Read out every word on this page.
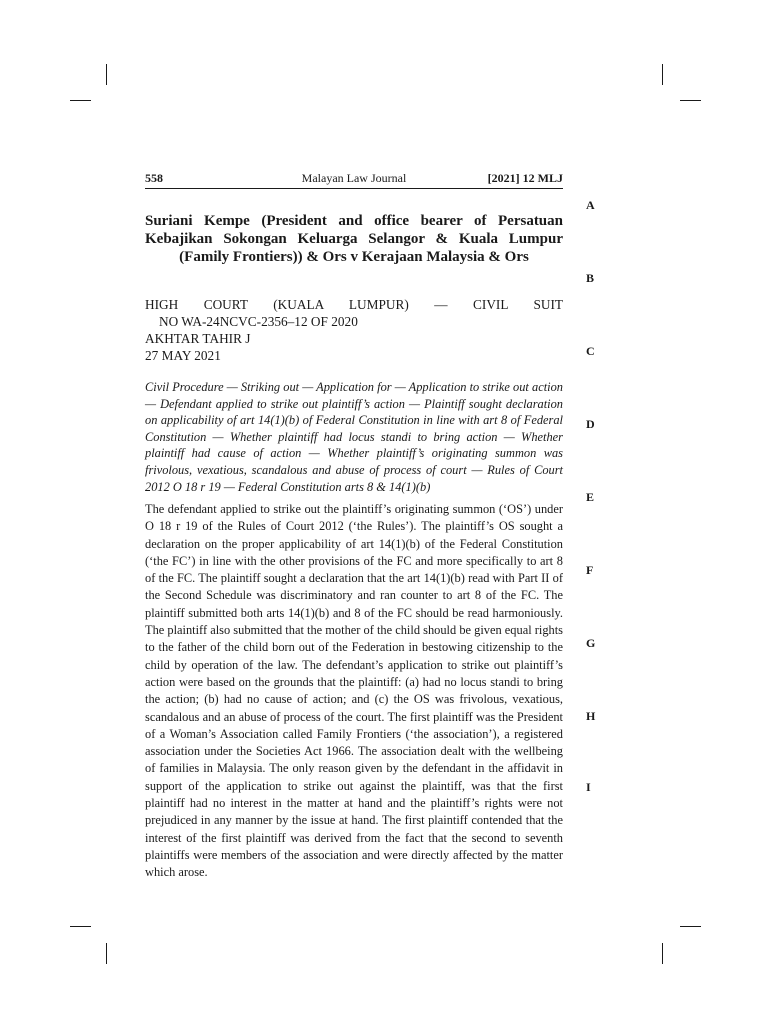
558	Malayan Law Journal	[2021] 12 MLJ
A
B
C
D
E
F
G
H
I
Suriani Kempe (President and office bearer of Persatuan Kebajikan Sokongan Keluarga Selangor & Kuala Lumpur (Family Frontiers)) & Ors v Kerajaan Malaysia & Ors

HIGH COURT (KUALA LUMPUR) — CIVIL SUIT

NO WA-24NCVC-2356–12 OF 2020

AKHTAR TAHIR J

27 MAY 2021

Civil Procedure — Striking out — Application for — Application to strike out action — Defendant applied to strike out plaintiff’s action — Plaintiff sought declaration on applicability of art 14(1)(b) of Federal Constitution in line with art 8 of Federal Constitution — Whether plaintiff had locus standi to bring action — Whether plaintiff had cause of action — Whether plaintiff’s originating summon was frivolous, vexatious, scandalous and abuse of process of court — Rules of Court 2012 O 18 r 19 — Federal Constitution arts 8 & 14(1)(b)

The defendant applied to strike out the plaintiff’s originating summon (‘OS’) under O 18 r 19 of the Rules of Court 2012 (‘the Rules’). The plaintiff’s OS sought a declaration on the proper applicability of art 14(1)(b) of the Federal Constitution (‘the FC’) in line with the other provisions of the FC and more specifically to art 8 of the FC. The plaintiff sought a declaration that the art 14(1)(b) read with Part II of the Second Schedule was discriminatory and ran counter to art 8 of the FC. The plaintiff submitted both arts 14(1)(b) and 8 of the FC should be read harmoniously. The plaintiff also submitted that the mother of the child should be given equal rights to the father of the child born out of the Federation in bestowing citizenship to the child by operation of the law. The defendant’s application to strike out plaintiff’s action were based on the grounds that the plaintiff: (a) had no locus standi to bring the action; (b) had no cause of action; and (c) the OS was frivolous, vexatious, scandalous and an abuse of process of the court. The first plaintiff was the President of a Woman’s Association called Family Frontiers (‘the association’), a registered association under the Societies Act 1966. The association dealt with the wellbeing of families in Malaysia. The only reason given by the defendant in the affidavit in support of the application to strike out against the plaintiff, was that the first plaintiff had no interest in the matter at hand and the plaintiff’s rights were not prejudiced in any manner by the issue at hand. The first plaintiff contended that the interest of the first plaintiff was derived from the fact that the second to seventh plaintiffs were members of the association and were directly affected by the matter which arose.
